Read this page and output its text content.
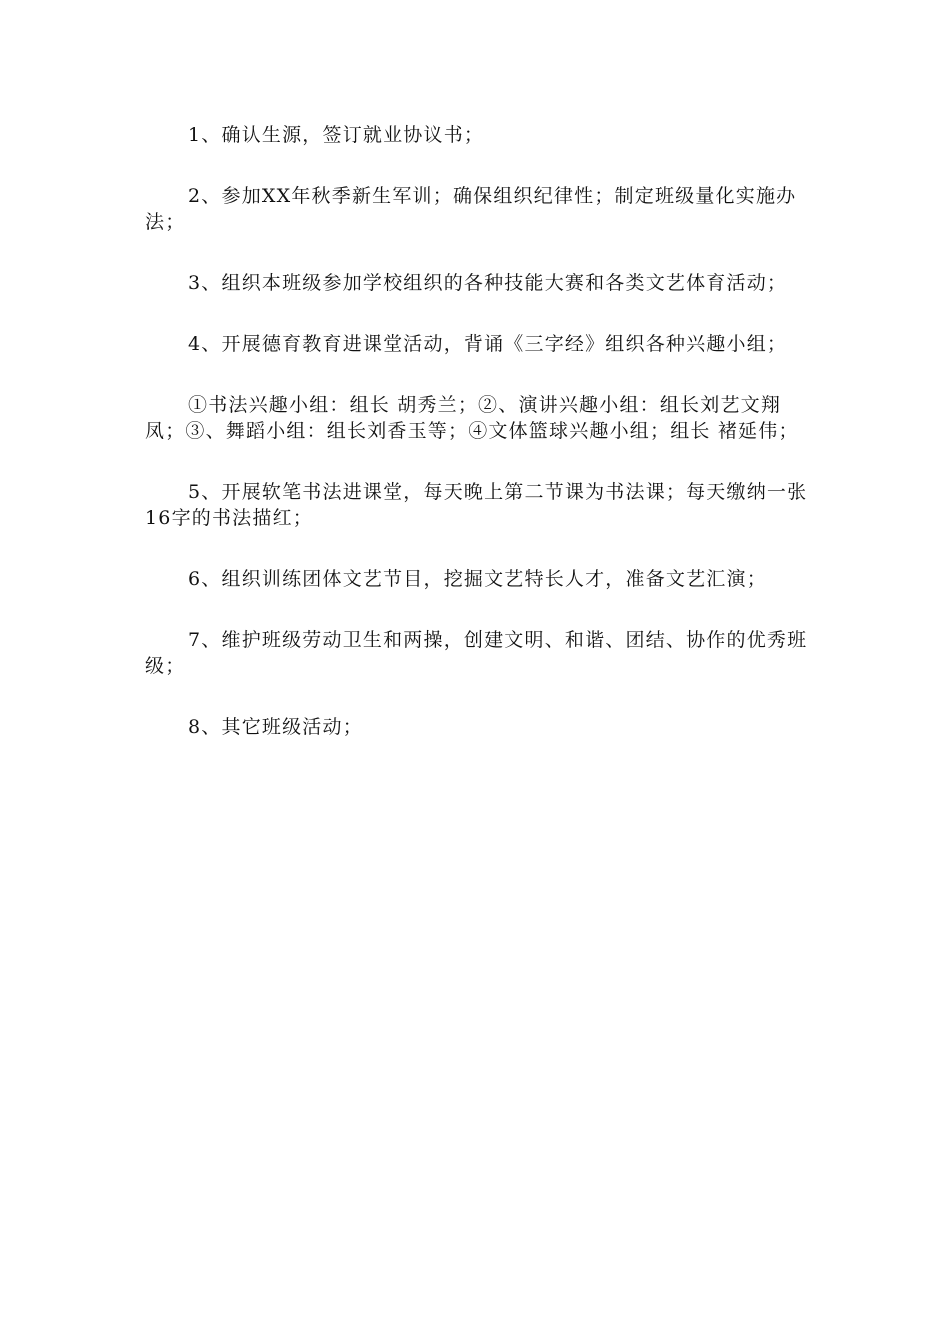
1、确认生源，签订就业协议书；

2、参加XX年秋季新生军训；确保组织纪律性；制定班级量化实施办法；

3、组织本班级参加学校组织的各种技能大赛和各类文艺体育活动；

4、开展德育教育进课堂活动，背诵《三字经》组织各种兴趣小组；

①书法兴趣小组：组长 胡秀兰；②、演讲兴趣小组：组长刘艺文翔凤；③、舞蹈小组：组长刘香玉等；④文体篮球兴趣小组；组长 褚延伟；

5、开展软笔书法进课堂，每天晚上第二节课为书法课；每天缴纳一张16字的书法描红；

6、组织训练团体文艺节目，挖掘文艺特长人才，准备文艺汇演；

7、维护班级劳动卫生和两操，创建文明、和谐、团结、协作的优秀班级；

8、其它班级活动；
